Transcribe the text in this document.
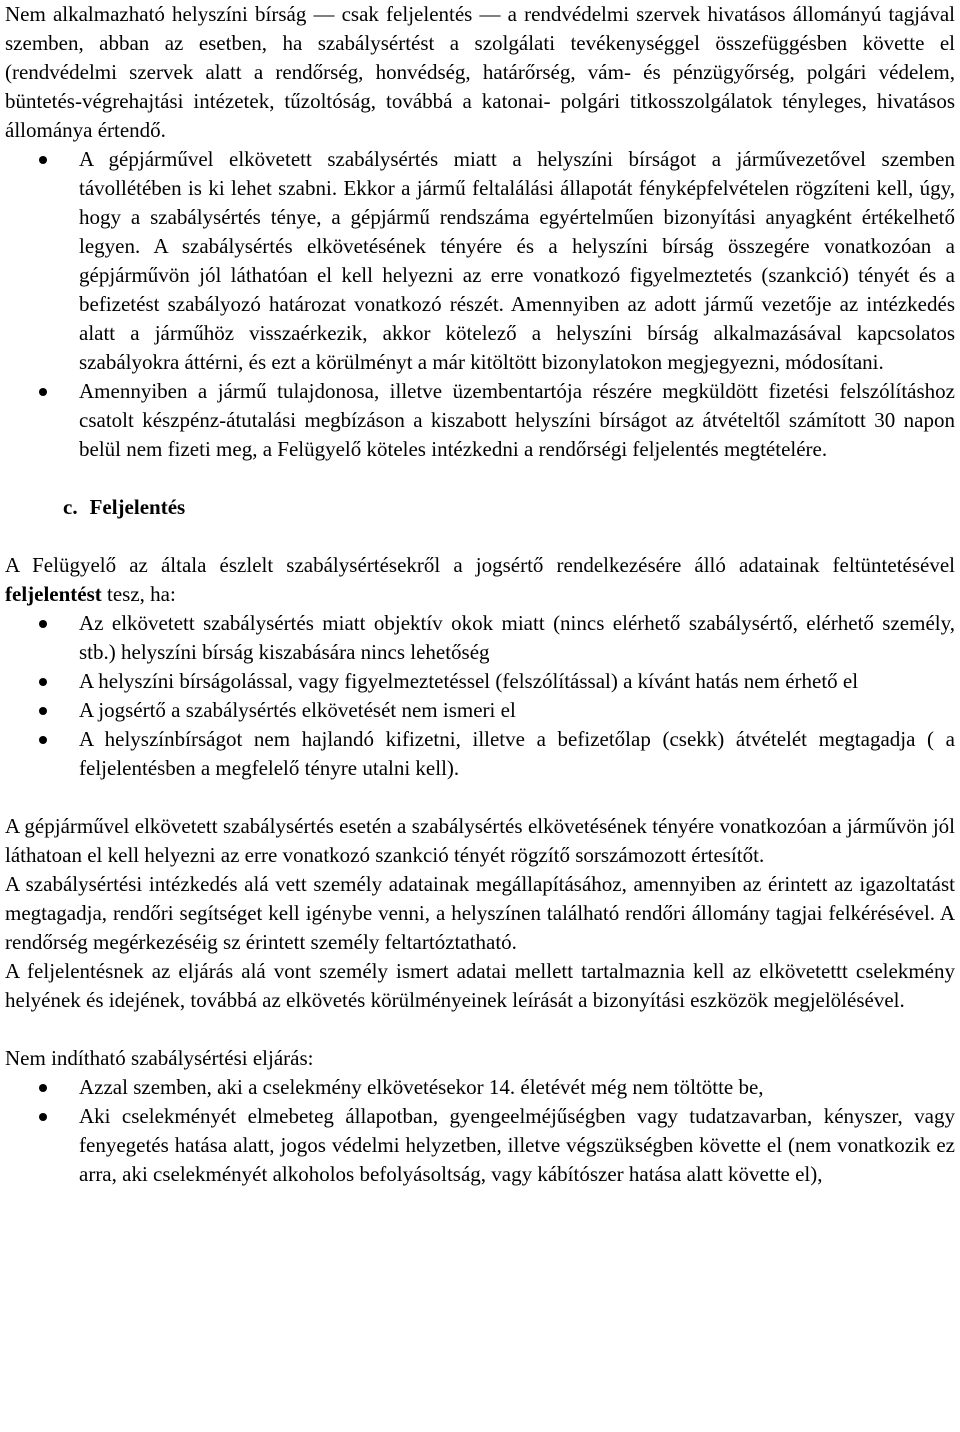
Nem alkalmazható helyszíni bírság — csak feljelentés — a rendvédelmi szervek hivatásos állományú tagjával szemben, abban az esetben, ha szabálysértést a szolgálati tevékenységgel összefüggésben követte el (rendvédelmi szervek alatt a rendőrség, honvédség, határőrség, vám- és pénzügyőrség, polgári védelem, büntetés-végrehajtási intézetek, tűzoltóság, továbbá a katonai- polgári titkosszolgálatok tényleges, hivatásos állománya értendő.

A gépjárművel elkövetett szabálysértés miatt a helyszíni bírságot a járművezetővel szemben távollétében is ki lehet szabni. Ekkor a jármű feltalálási állapotát fényképfelvételen rögzíteni kell, úgy, hogy a szabálysértés ténye, a gépjármű rendszáma egyértelműen bizonyítási anyagként értékelhető legyen. A szabálysértés elkövetésének tényére és a helyszíni bírság összegére vonatkozóan a gépjárművön jól láthatóan el kell helyezni az erre vonatkozó figyelmeztetés (szankció) tényét és a befizetést szabályozó határozat vonatkozó részét. Amennyiben az adott jármű vezetője az intézkedés alatt a járműhöz visszaérkezik, akkor kötelező a helyszíni bírság alkalmazásával kapcsolatos szabályokra áttérni, és ezt a körülményt a már kitöltött bizonylatokon megjegyezni, módosítani.
Amennyiben a jármű tulajdonosa, illetve üzembentartója részére megküldött fizetési felszólításhoz csatolt készpénz-átutalási megbízáson a kiszabott helyszíni bírságot az átvételtől számított 30 napon belül nem fizeti meg, a Felügyelő köteles intézkedni a rendőrségi feljelentés megtételére.
c. Feljelentés

A Felügyelő az általa észlelt szabálysértésekről a jogsértő rendelkezésére álló adatainak feltüntetésével feljelentést tesz, ha:

Az elkövetett szabálysértés miatt objektív okok miatt (nincs elérhető szabálysértő, elérhető személy, stb.) helyszíni bírság kiszabására nincs lehetőség
A helyszíni bírságolással, vagy figyelmeztetéssel (felszólítással) a kívánt hatás nem érhető el
A jogsértő a szabálysértés elkövetését nem ismeri el
A helyszínbírságot nem hajlandó kifizetni, illetve a befizetőlap (csekk) átvételét megtagadja ( a feljelentésben a megfelelő tényre utalni kell).

A gépjárművel elkövetett szabálysértés esetén a szabálysértés elkövetésének tényére vonatkozóan a járművön jól láthatoan el kell helyezni az erre vonatkozó szankció tényét rögzítő sorszámozott értesítőt.

A szabálysértési intézkedés alá vett személy adatainak megállapításához, amennyiben az érintett az igazoltatást megtagadja, rendőri segítséget kell igénybe venni, a helyszínen található rendőri állomány tagjai felkérésével. A rendőrség megérkezéséig sz érintett személy feltartóztatható.

A feljelentésnek az eljárás alá vont személy ismert adatai mellett tartalmaznia kell az elkövetettt cselekmény helyének és idejének, továbbá az elkövetés körülményeinek leírását a bizonyítási eszközök megjelölésével.

Nem indítható szabálysértési eljárás:

Azzal szemben, aki a cselekmény elkövetésekor 14. életévét még nem töltötte be,
Aki cselekményét elmebeteg állapotban, gyengeelméjűségben vagy tudatzavarban, kényszer, vagy fenyegetés hatása alatt, jogos védelmi helyzetben, illetve végszükségben követte el (nem vonatkozik ez arra, aki cselekményét alkoholos befolyásoltság, vagy kábítószer hatása alatt követte el),
